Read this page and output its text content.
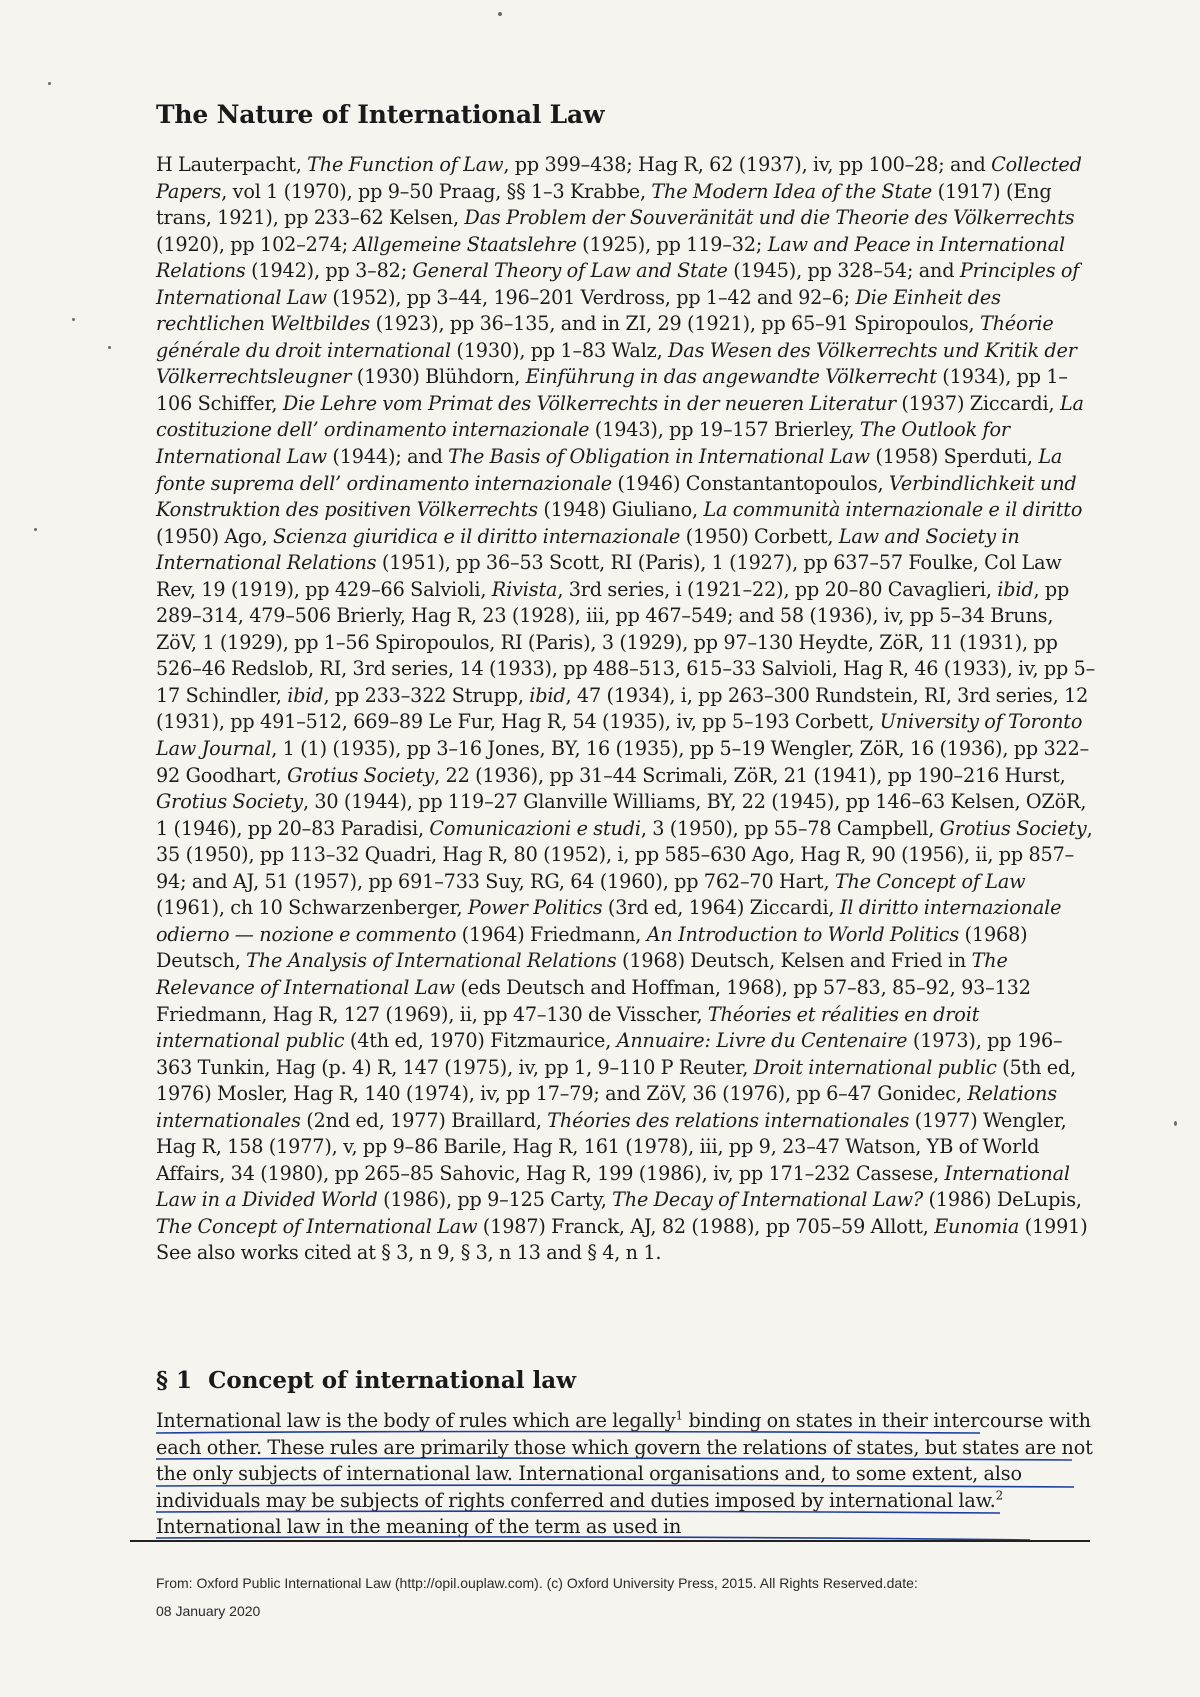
The Nature of International Law

H Lauterpacht, The Function of Law, pp 399–438; Hag R, 62 (1937), iv, pp 100–28; and Collected Papers, vol 1 (1970), pp 9–50 Praag, §§ 1–3 Krabbe, The Modern Idea of the State (1917) (Eng trans, 1921), pp 233–62 Kelsen, Das Problem der Souveränität und die Theorie des Völkerrechts (1920), pp 102–274; Allgemeine Staatslehre (1925), pp 119–32; Law and Peace in International Relations (1942), pp 3–82; General Theory of Law and State (1945), pp 328–54; and Principles of International Law (1952), pp 3–44, 196–201 Verdross, pp 1–42 and 92–6; Die Einheit des rechtlichen Weltbildes (1923), pp 36–135, and in ZI, 29 (1921), pp 65–91 Spiropoulos, Théorie générale du droit international (1930), pp 1–83 Walz, Das Wesen des Völkerrechts und Kritik der Völkerrechtsleugner (1930) Blühdorn, Einführung in das angewandte Völkerrecht (1934), pp 1–106 Schiffer, Die Lehre vom Primat des Völkerrechts in der neueren Literatur (1937) Ziccardi, La costituzione dell’ ordinamento internazionale (1943), pp 19–157 Brierley, The Outlook for International Law (1944); and The Basis of Obligation in International Law (1958) Sperduti, La fonte suprema dell’ ordinamento internazionale (1946) Constantantopoulos, Verbindlichkeit und Konstruktion des positiven Völkerrechts (1948) Giuliano, La communità internazionale e il diritto (1950) Ago, Scienza giuridica e il diritto internazionale (1950) Corbett, Law and Society in International Relations (1951), pp 36–53 Scott, RI (Paris), 1 (1927), pp 637–57 Foulke, Col Law Rev, 19 (1919), pp 429–66 Salvioli, Rivista, 3rd series, i (1921–22), pp 20–80 Cavaglieri, ibid, pp 289–314, 479–506 Brierly, Hag R, 23 (1928), iii, pp 467–549; and 58 (1936), iv, pp 5–34 Bruns, ZöV, 1 (1929), pp 1–56 Spiropoulos, RI (Paris), 3 (1929), pp 97–130 Heydte, ZöR, 11 (1931), pp 526–46 Redslob, RI, 3rd series, 14 (1933), pp 488–513, 615–33 Salvioli, Hag R, 46 (1933), iv, pp 5–17 Schindler, ibid, pp 233–322 Strupp, ibid, 47 (1934), i, pp 263–300 Rundstein, RI, 3rd series, 12 (1931), pp 491–512, 669–89 Le Fur, Hag R, 54 (1935), iv, pp 5–193 Corbett, University of Toronto Law Journal, 1 (1) (1935), pp 3–16 Jones, BY, 16 (1935), pp 5–19 Wengler, ZöR, 16 (1936), pp 322–92 Goodhart, Grotius Society, 22 (1936), pp 31–44 Scrimali, ZöR, 21 (1941), pp 190–216 Hurst, Grotius Society, 30 (1944), pp 119–27 Glanville Williams, BY, 22 (1945), pp 146–63 Kelsen, OZöR, 1 (1946), pp 20–83 Paradisi, Comunicazioni e studi, 3 (1950), pp 55–78 Campbell, Grotius Society, 35 (1950), pp 113–32 Quadri, Hag R, 80 (1952), i, pp 585–630 Ago, Hag R, 90 (1956), ii, pp 857–94; and AJ, 51 (1957), pp 691–733 Suy, RG, 64 (1960), pp 762–70 Hart, The Concept of Law (1961), ch 10 Schwarzenberger, Power Politics (3rd ed, 1964) Ziccardi, Il diritto internazionale odierno — nozione e commento (1964) Friedmann, An Introduction to World Politics (1968) Deutsch, The Analysis of International Relations (1968) Deutsch, Kelsen and Fried in The Relevance of International Law (eds Deutsch and Hoffman, 1968), pp 57–83, 85–92, 93–132 Friedmann, Hag R, 127 (1969), ii, pp 47–130 de Visscher, Théories et réalities en droit international public (4th ed, 1970) Fitzmaurice, Annuaire: Livre du Centenaire (1973), pp 196–363 Tunkin, Hag (p. 4) R, 147 (1975), iv, pp 1, 9–110 P Reuter, Droit international public (5th ed, 1976) Mosler, Hag R, 140 (1974), iv, pp 17–79; and ZöV, 36 (1976), pp 6–47 Gonidec, Relations internationales (2nd ed, 1977) Braillard, Théories des relations internationales (1977) Wengler, Hag R, 158 (1977), v, pp 9–86 Barile, Hag R, 161 (1978), iii, pp 9, 23–47 Watson, YB of World Affairs, 34 (1980), pp 265–85 Sahovic, Hag R, 199 (1986), iv, pp 171–232 Cassese, International Law in a Divided World (1986), pp 9–125 Carty, The Decay of International Law? (1986) DeLupis, The Concept of International Law (1987) Franck, AJ, 82 (1988), pp 705–59 Allott, Eunomia (1991) See also works cited at § 3, n 9, § 3, n 13 and § 4, n 1.

§ 1 Concept of international law

International law is the body of rules which are legally$^1$ binding on states in their intercourse with each other. These rules are primarily those which govern the relations of states, but states are not the only subjects of international law. International organisations and, to some extent, also individuals may be subjects of rights conferred and duties imposed by international law.$^2$ International law in the meaning of the term as used in

From: Oxford Public International Law (http://opil.ouplaw.com). (c) Oxford University Press, 2015. All Rights Reserved.date:
08 January 2020
